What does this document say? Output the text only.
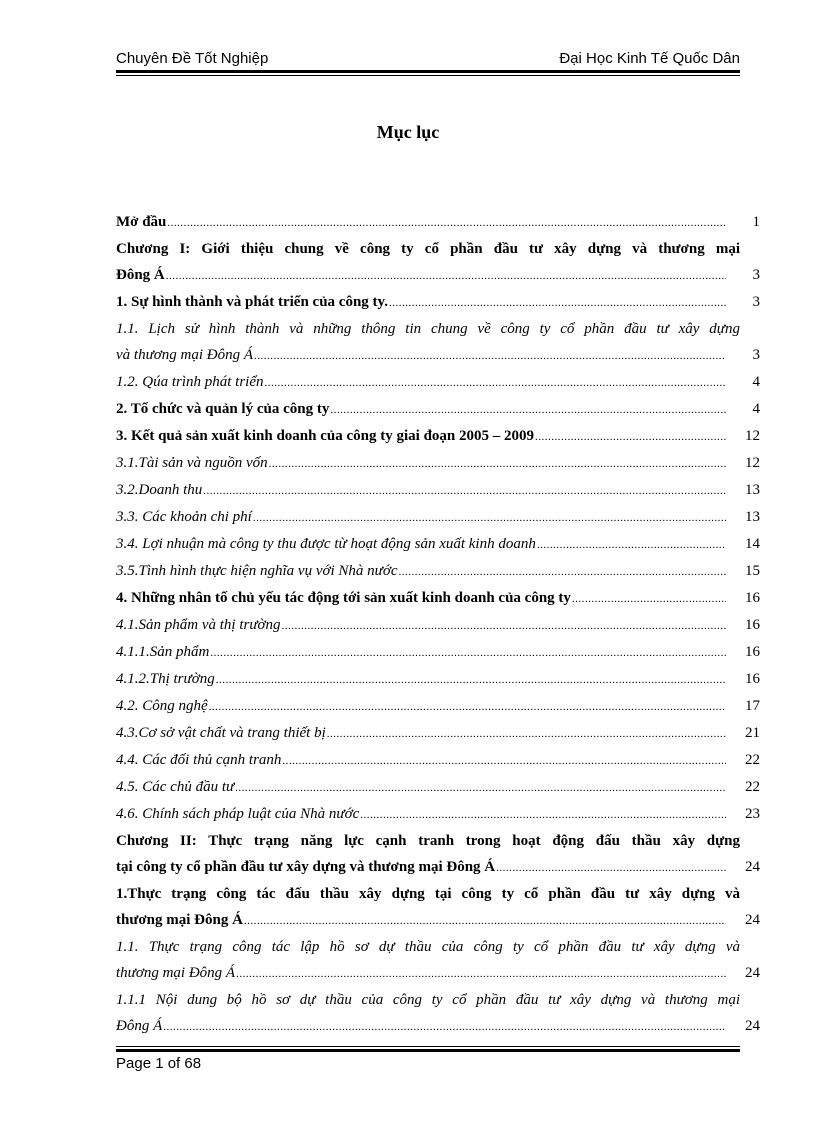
Chuyên Đề Tốt Nghiệp	Đại Học Kinh Tế Quốc Dân
Mục lục
Mở đầu .....	1
Chương I: Giới thiệu chung về công ty cổ phần đầu tư xây dựng và thương mại
Đông Á .....	3
1. Sự hình thành và phát triển của công ty. .....	3
1.1. Lịch sử hình thành và những thông tin chung về công ty cổ phần đầu tư xây dựng
và thương mại Đông Á .....	3
1.2. Qúa trình phát triển .....	4
2. Tổ chức và quản lý của công ty .....	4
3. Kết quả sản xuất kinh doanh của công ty giai đoạn 2005 – 2009 .....	12
3.1.Tài sản và nguồn vốn .....	12
3.2.Doanh thu .....	13
3.3. Các khoản chi phí .....	13
3.4. Lợi nhuận mà công ty thu được từ hoạt động sản xuất kinh doanh .....	14
3.5.Tình hình thực hiện nghĩa vụ với Nhà nước .....	15
4. Những nhân tố chủ yếu tác động tới sản xuất kinh doanh của công ty .....	16
4.1.Sản phẩm và thị trường .....	16
4.1.1.Sản phẩm .....	16
4.1.2.Thị trường .....	16
4.2. Công nghệ .....	17
4.3.Cơ sở vật chất và trang thiết bị .....	21
4.4. Các đối thủ cạnh tranh .....	22
4.5. Các chủ đầu tư .....	22
4.6. Chính sách pháp luật của Nhà nước .....	23
Chương II: Thực trạng năng lực cạnh tranh trong hoạt động đấu thầu xây dựng
tại công ty cổ phần đầu tư xây dựng và thương mại Đông Á .....	24
1.Thực trạng công tác đấu thầu xây dựng tại công ty cổ phần đầu tư xây dựng và
thương mại Đông Á .....	24
1.1. Thực trạng công tác lập hồ sơ dự thầu của công ty cổ phần đầu tư xây dựng và
thương mại Đông Á .....	24
1.1.1 Nội dung bộ hồ sơ dự thầu của công ty cổ phần đầu tư xây dựng và thương mại
Đông Á .....	24
Page 1 of 68
